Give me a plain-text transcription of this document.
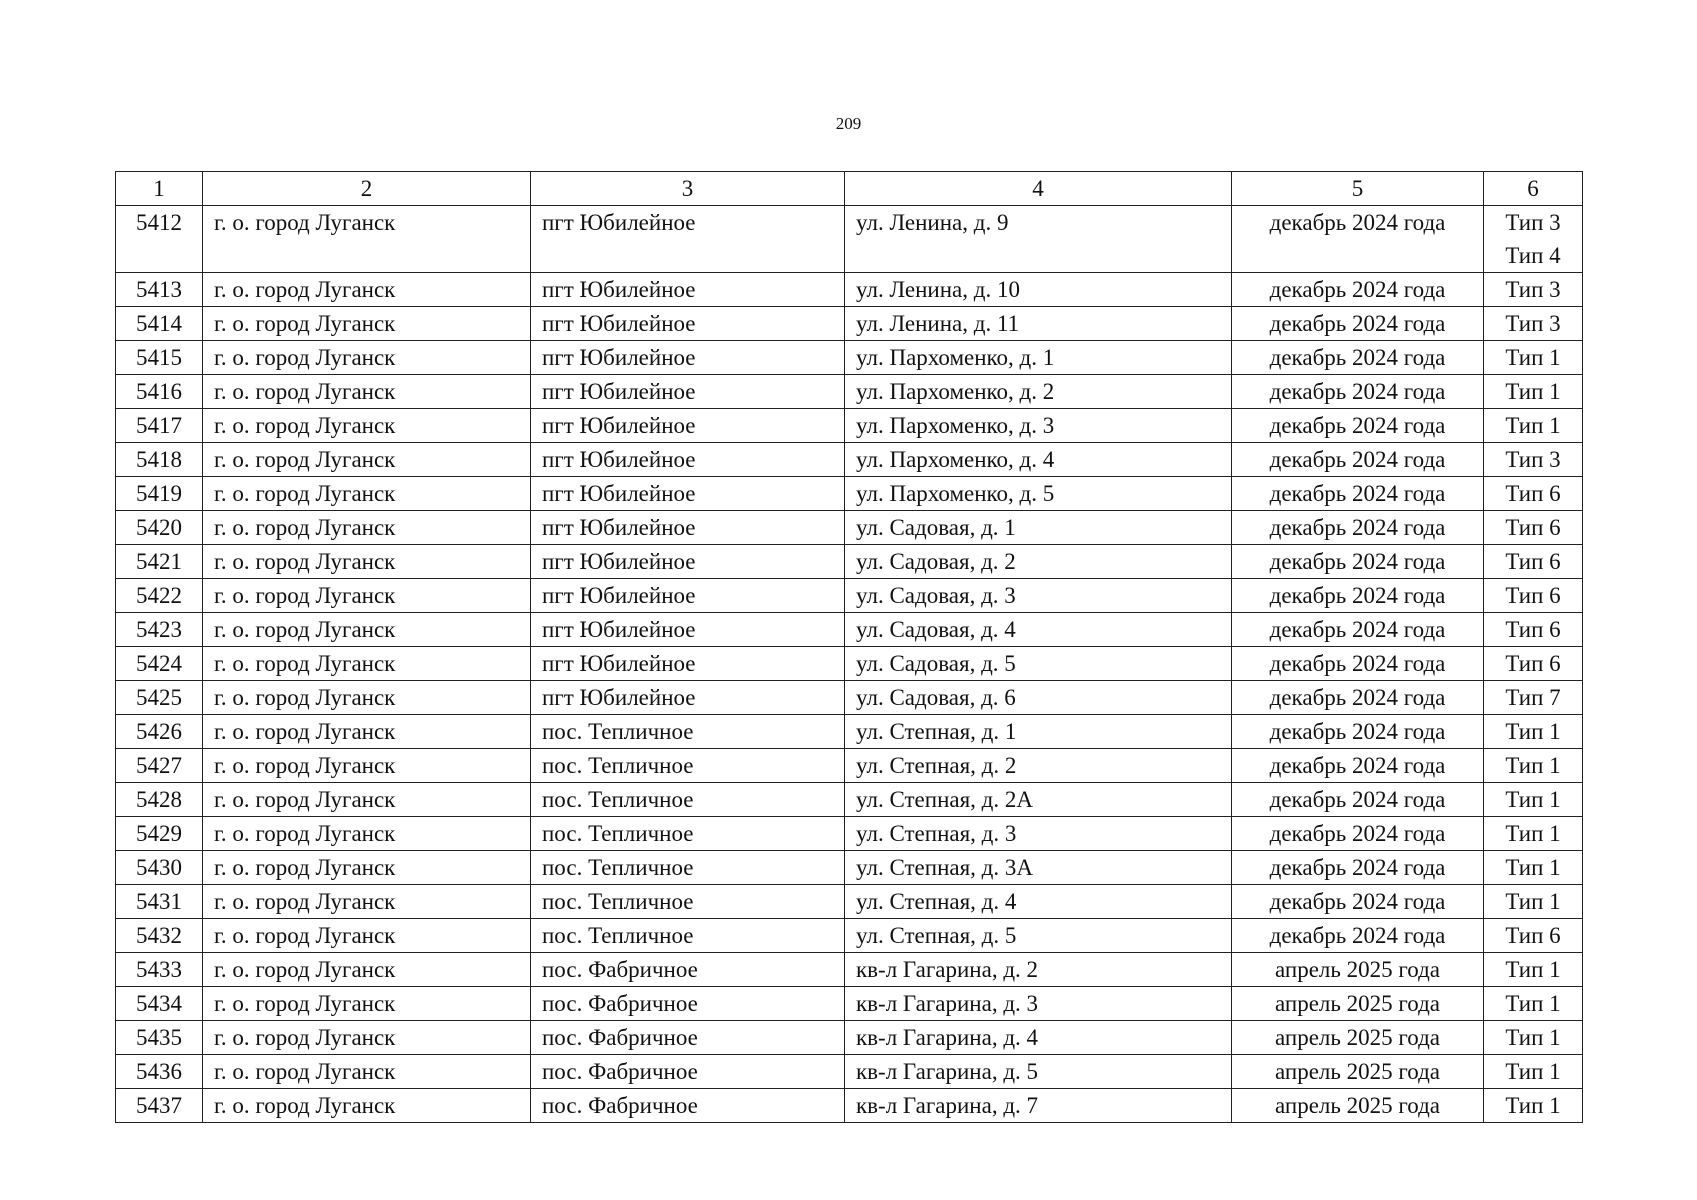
209
1	2	3	4	5	6
5412	г. о. город Луганск	пгт Юбилейное	ул. Ленина, д. 9	декабрь 2024 года	Тип 3
Тип 4

5413	г. о. город Луганск	пгт Юбилейное	ул. Ленина, д. 10	декабрь 2024 года	Тип 3

5414	г. о. город Луганск	пгт Юбилейное	ул. Ленина, д. 11	декабрь 2024 года	Тип 3

5415	г. о. город Луганск	пгт Юбилейное	ул. Пархоменко, д. 1	декабрь 2024 года	Тип 1

5416	г. о. город Луганск	пгт Юбилейное	ул. Пархоменко, д. 2	декабрь 2024 года	Тип 1

5417	г. о. город Луганск	пгт Юбилейное	ул. Пархоменко, д. 3	декабрь 2024 года	Тип 1

5418	г. о. город Луганск	пгт Юбилейное	ул. Пархоменко, д. 4	декабрь 2024 года	Тип 3

5419	г. о. город Луганск	пгт Юбилейное	ул. Пархоменко, д. 5	декабрь 2024 года	Тип 6

5420	г. о. город Луганск	пгт Юбилейное	ул. Садовая, д. 1	декабрь 2024 года	Тип 6

5421	г. о. город Луганск	пгт Юбилейное	ул. Садовая, д. 2	декабрь 2024 года	Тип 6

5422	г. о. город Луганск	пгт Юбилейное	ул. Садовая, д. 3	декабрь 2024 года	Тип 6

5423	г. о. город Луганск	пгт Юбилейное	ул. Садовая, д. 4	декабрь 2024 года	Тип 6

5424	г. о. город Луганск	пгт Юбилейное	ул. Садовая, д. 5	декабрь 2024 года	Тип 6

5425	г. о. город Луганск	пгт Юбилейное	ул. Садовая, д. 6	декабрь 2024 года	Тип 7

5426	г. о. город Луганск	пос. Тепличное	ул. Степная, д. 1	декабрь 2024 года	Тип 1

5427	г. о. город Луганск	пос. Тепличное	ул. Степная, д. 2	декабрь 2024 года	Тип 1

5428	г. о. город Луганск	пос. Тепличное	ул. Степная, д. 2А	декабрь 2024 года	Тип 1

5429	г. о. город Луганск	пос. Тепличное	ул. Степная, д. 3	декабрь 2024 года	Тип 1

5430	г. о. город Луганск	пос. Тепличное	ул. Степная, д. 3А	декабрь 2024 года	Тип 1

5431	г. о. город Луганск	пос. Тепличное	ул. Степная, д. 4	декабрь 2024 года	Тип 1

5432	г. о. город Луганск	пос. Тепличное	ул. Степная, д. 5	декабрь 2024 года	Тип 6

5433	г. о. город Луганск	пос. Фабричное	кв-л Гагарина, д. 2	апрель 2025 года	Тип 1

5434	г. о. город Луганск	пос. Фабричное	кв-л Гагарина, д. 3	апрель 2025 года	Тип 1

5435	г. о. город Луганск	пос. Фабричное	кв-л Гагарина, д. 4	апрель 2025 года	Тип 1

5436	г. о. город Луганск	пос. Фабричное	кв-л Гагарина, д. 5	апрель 2025 года	Тип 1

5437	г. о. город Луганск	пос. Фабричное	кв-л Гагарина, д. 7	апрель 2025 года	Тип 1
